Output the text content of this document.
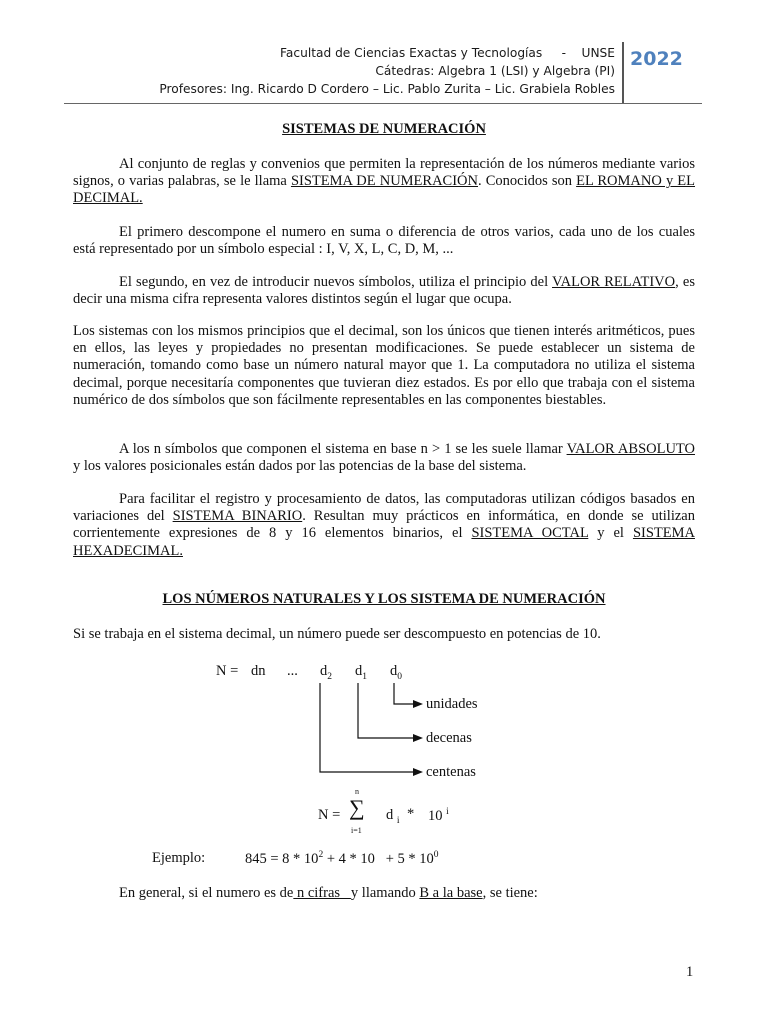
Facultad de Ciencias Exactas y Tecnologías     -    UNSE
Cátedras: Algebra 1 (LSI) y Algebra (PI)
Profesores: Ing. Ricardo D Cordero – Lic. Pablo Zurita – Lic. Grabiela Robles
2022
SISTEMAS DE NUMERACIÓN

Al conjunto de reglas y convenios que permiten la representación de los números mediante varios signos, o varias palabras, se le llama SISTEMA DE NUMERACIÓN. Conocidos son EL ROMANO y EL DECIMAL.

El primero descompone el numero en suma o diferencia de otros varios, cada uno de los cuales está representado por un símbolo especial : I, V, X, L, C, D, M, ...

El segundo, en vez de introducir nuevos símbolos, utiliza el principio del VALOR RELATIVO, es decir una misma cifra representa valores distintos según el lugar que ocupa.

Los sistemas con los mismos principios que el decimal, son los únicos que tienen interés aritméticos, pues en ellos, las leyes y propiedades no presentan modificaciones. Se puede establecer un sistema de numeración, tomando como base un número natural mayor que 1. La computadora no utiliza el sistema decimal, porque necesitaría componentes que tuvieran diez estados. Es por ello que trabaja con el sistema numérico de dos símbolos que son fácilmente representables en las componentes biestables.

A los n símbolos que componen el sistema en base n > 1 se les suele llamar VALOR ABSOLUTO y los valores posicionales están dados por las potencias de la base del sistema.

Para facilitar el registro y procesamiento de datos, las computadoras utilizan códigos basados en variaciones del SISTEMA BINARIO. Resultan muy prácticos en informática, en donde se utilizan corrientemente expresiones de 8 y 16 elementos binarios, el SISTEMA OCTAL y el SISTEMA HEXADECIMAL.

LOS NÚMEROS NATURALES Y LOS SISTEMA DE NUMERACIÓN
Si se trabaja en el sistema decimal, un número puede ser descompuesto en potencias de 10.
N = dn ... $d_2$ $d_1$ $d_0$
unidades
decenas
centenas
N =
n
∑
i=1
d $_i$ * 10 $^i$
Ejemplo:	$845 = 8 * 10^2 + 4 * 10 + 5 * 10^0$
En general, si el numero es de n cifras   y llamando B a la base, se tiene:
1
